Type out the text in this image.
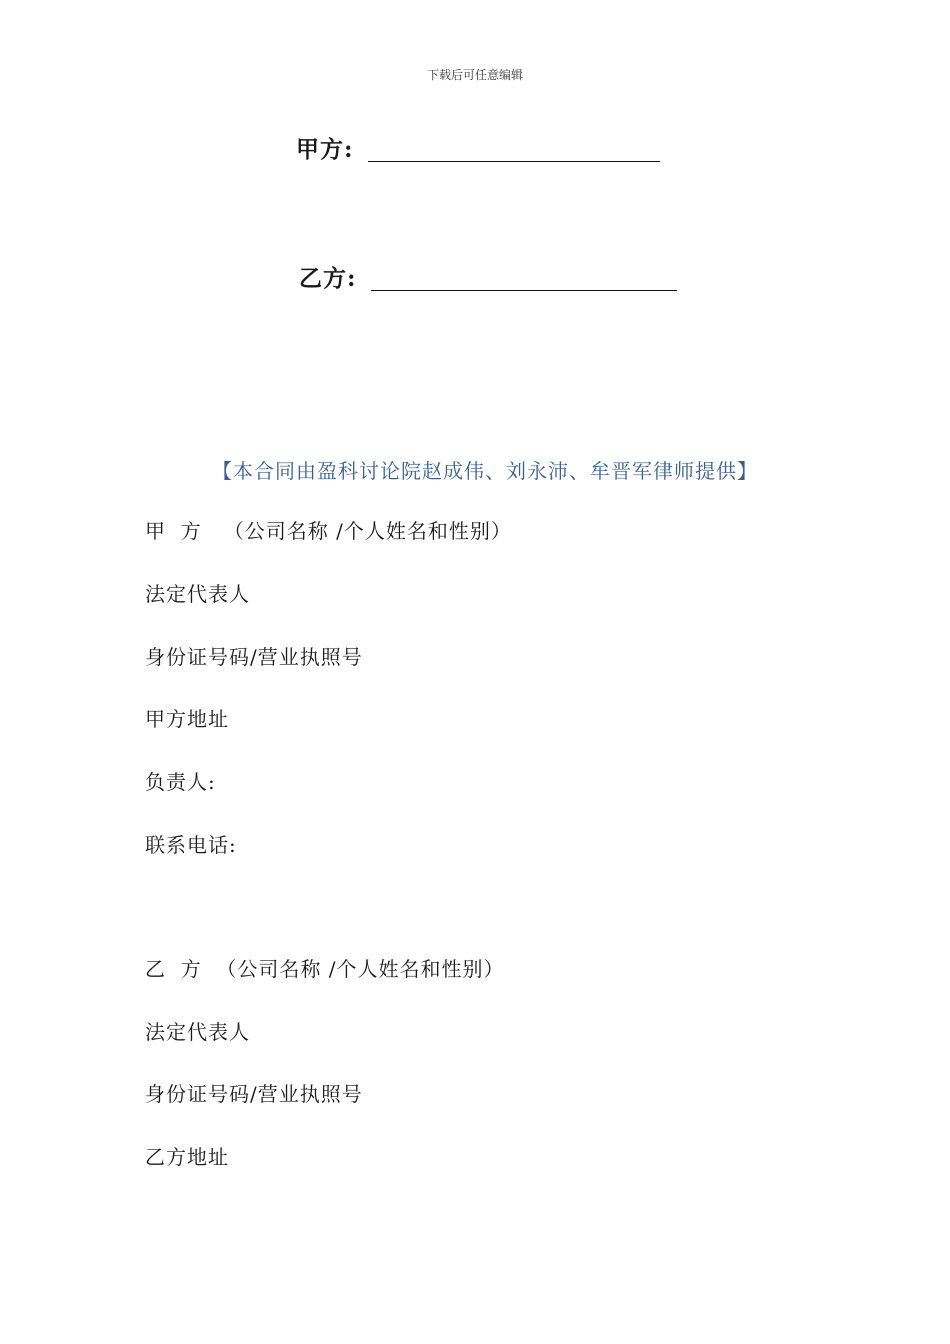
下载后可任意编辑
甲方:
乙方:
【本合同由盈科讨论院赵成伟、刘永沛、牟晋军律师提供】
甲  方   （公司名称 /个人姓名和性别）
法定代表人
身份证号码/营业执照号
甲方地址
负责人:
联系电话:
乙  方  （公司名称 /个人姓名和性别）
法定代表人
身份证号码/营业执照号
乙方地址
